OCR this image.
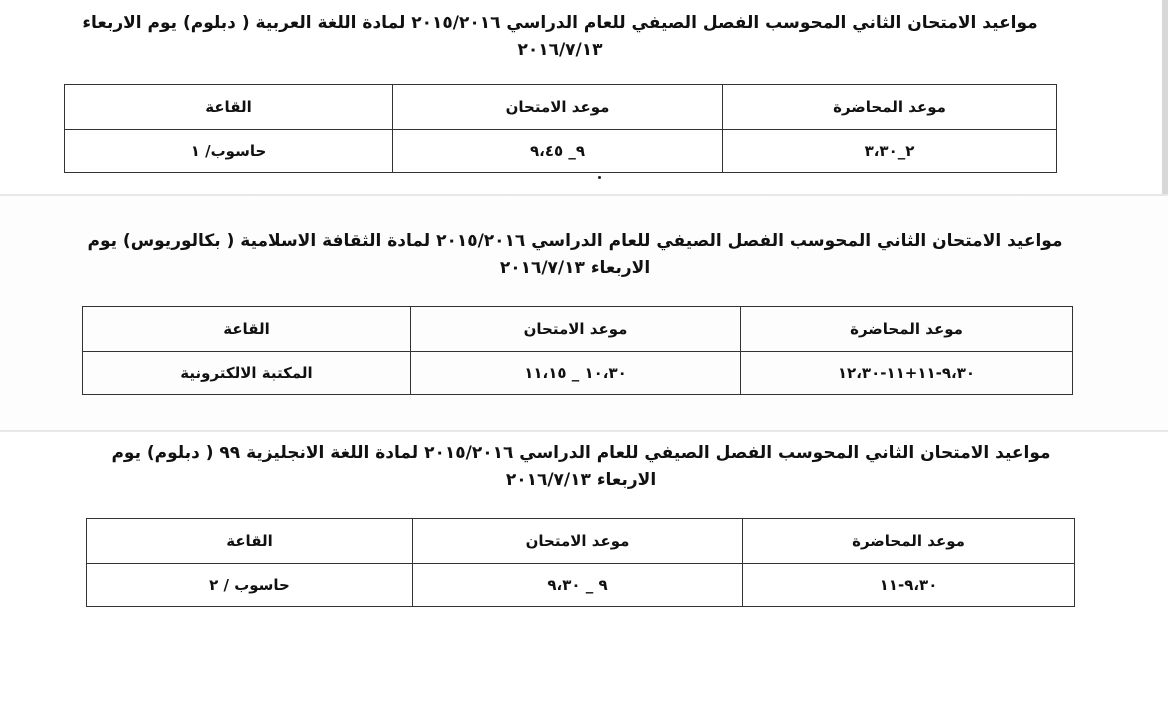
مواعيد الامتحان الثاني المحوسب الفصل الصيفي للعام الدراسي ٢٠١٥/٢٠١٦ لمادة اللغة العربية ( دبلوم) يوم الاربعاء
٢٠١٦/٧/١٣

موعد المحاضرة	موعد الامتحان	القاعة
٢_٣،٣٠	٩_ ٩،٤٥	حاسوب/ ١

مواعيد الامتحان الثاني المحوسب الفصل الصيفي للعام الدراسي ٢٠١٥/٢٠١٦ لمادة الثقافة الاسلامية ( بكالوريوس) يوم
الاربعاء ٢٠١٦/٧/١٣

موعد المحاضرة	موعد الامتحان	القاعة
٩،٣٠-١١+١١-١٢،٣٠	١٠،٣٠ _ ١١،١٥	المكتبة الالكترونية

مواعيد الامتحان الثاني المحوسب الفصل الصيفي للعام الدراسي ٢٠١٥/٢٠١٦ لمادة اللغة الانجليزية ٩٩ ( دبلوم) يوم
الاربعاء ٢٠١٦/٧/١٣

موعد المحاضرة	موعد الامتحان	القاعة
٩،٣٠-١١	٩ _ ٩،٣٠	حاسوب / ٢
